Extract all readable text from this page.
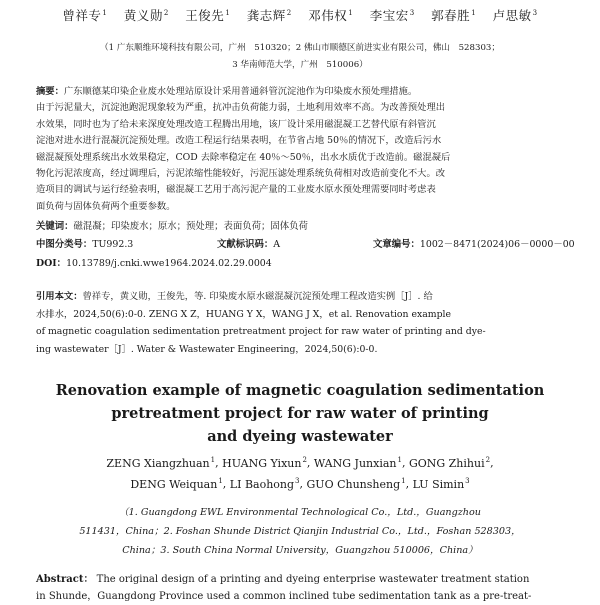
曾祥专$^1$ 黄义勋$^2$ 王俊先$^1$ 龚志辉$^2$ 邓伟权$^1$ 李宝宏$^3$ 郭春胜$^1$ 卢思敏$^3$
（1 广东顺维环境科技有限公司，广州　510320；2 佛山市顺德区前进实业有限公司，佛山　528303；
3 华南师范大学，广州　510006）

摘要：广东顺德某印染企业废水处理站原设计采用普通斜管沉淀池作为印染废水预处理措施。

由于污泥量大，沉淀池跑泥现象较为严重，抗冲击负荷能力弱，土地利用效率不高。为改善预处理出

水效果，同时也为了给未来深度处理改造工程腾出用地，该厂设计采用磁混凝工艺替代原有斜管沉

淀池对进水进行混凝沉淀预处理。改造工程运行结果表明，在节省占地 50％的情况下，改造后污水

磁混凝预处理系统出水效果稳定，COD 去除率稳定在 40％～50％，出水水质优于改造前。磁混凝后

物化污泥浓度高，经过调理后，污泥浓缩性能较好，污泥压滤处理系统负荷相对改造前变化不大。改

造项目的调试与运行经验表明，磁混凝工艺用于高污泥产量的工业废水原水预处理需要同时考虑表

面负荷与固体负荷两个重要参数。

关键词：磁混凝；印染废水；原水；预处理；表面负荷；固体负荷
中图分类号：TU992.3	文献标识码：A	文章编号：1002－8471(2024)06－0000－00
DOI：10.13789/j.cnki.wwe1964.2024.02.29.0004

引用本文：曾祥专，黄义勋，王俊先，等. 印染废水原水磁混凝沉淀预处理工程改造实例［J］. 给

水排水，2024,50(6):0-0. ZENG X Z，HUANG Y X，WANG J X，et al. Renovation example

of magnetic coagulation sedimentation pretreatment project for raw water of printing and dye-

ing wastewater［J］. Water & Wastewater Engineering，2024,50(6):0-0.

Renovation example of magnetic coagulation sedimentation
pretreatment project for raw water of printing
and dyeing wastewater
ZENG Xiangzhuan$^1$, HUANG Yixun$^2$, WANG Junxian$^1$, GONG Zhihui$^2$,
DENG Weiquan$^1$, LI Baohong$^3$, GUO Chunsheng$^1$, LU Simin$^3$
（1. Guangdong EWL Environmental Technological Co.，Ltd.，Guangzhou
511431，China；2. Foshan Shunde District Qianjin Industrial Co.，Ltd.，Foshan 528303，
China；3. South China Normal University，Guangzhou 510006，China）

Abstract： The original design of a printing and dyeing enterprise wastewater treatment station

in Shunde，Guangdong Province used a common inclined tube sedimentation tank as a pre-treat-
